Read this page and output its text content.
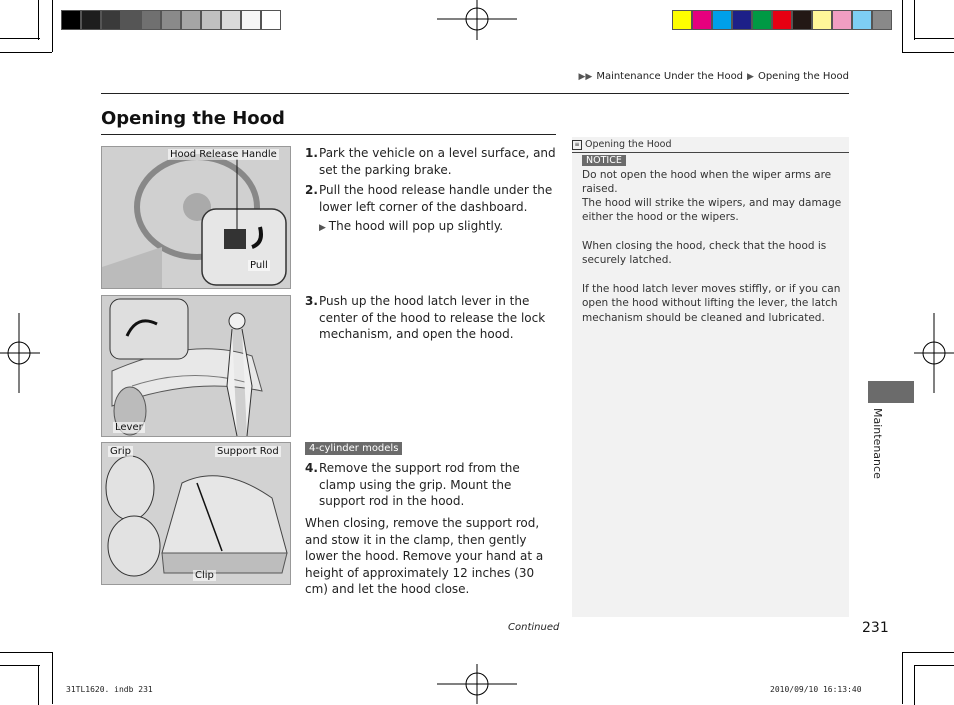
▶▶ Maintenance Under the Hood ▶ Opening the Hood
Opening the Hood
Hood Release Handle
Pull
Lever
Grip	Support Rod
Clip
1. Park the vehicle on a level surface, and set the parking brake.
2. Pull the hood release handle under the lower left corner of the dashboard.
▶ The hood will pop up slightly.
3. Push up the hood latch lever in the center of the hood to release the lock mechanism, and open the hood.
4-cylinder models
4. Remove the support rod from the clamp using the grip. Mount the support rod in the hood.
When closing, remove the support rod, and stow it in the clamp, then gently lower the hood. Remove your hand at a height of approximately 12 inches (30 cm) and let the hood close.
Continued
≡ Opening the Hood
NOTICE
Do not open the hood when the wiper arms are raised.
The hood will strike the wipers, and may damage either the hood or the wipers.
When closing the hood, check that the hood is securely latched.
If the hood latch lever moves stiffly, or if you can open the hood without lifting the lever, the latch mechanism should be cleaned and lubricated.
Maintenance
231
31TL1620. indb 231	2010/09/10 16:13:40
